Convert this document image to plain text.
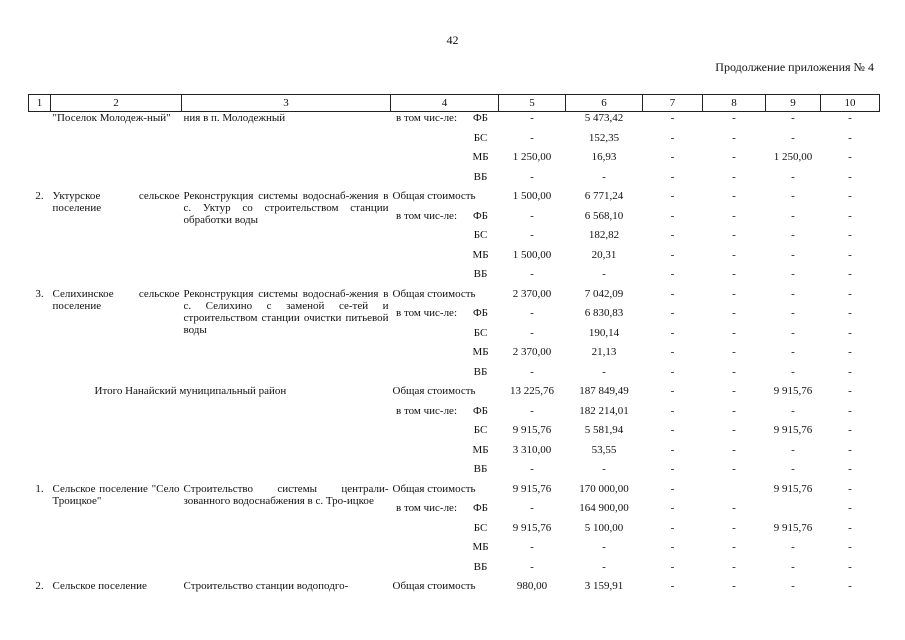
42
Продолжение приложения № 4
1	2	3	4		5	6	7	8	9	10
	"Поселок Молодеж-ный"	ния в п. Молодежный	в том чис-ле:	ФБ	-	5 473,42	-	-	-	-
				БС	-	152,35	-	-	-	-
				МБ	1 250,00	16,93	-	-	1 250,00	-
				ВБ	-	-	-	-	-	-
2.	Уктурское сельское поселение	Реконструкция системы водоснаб-жения в с. Уктур со строительством станции обработки воды	Общая стоимость		1 500,00	6 771,24	-	-	-	-
			в том чис-ле:	ФБ	-	6 568,10	-	-	-	-
				БС	-	182,82	-	-	-	-
				МБ	1 500,00	20,31	-	-	-	-
				ВБ	-	-	-	-	-	-
3.	Селихинское сельское поселение	Реконструкция системы водоснаб-жения в с. Селихино с заменой се-тей и строительством станции очистки питьевой воды	Общая стоимость		2 370,00	7 042,09	-	-	-	-
			в том чис-ле:	ФБ	-	6 830,83	-	-	-	-
				БС	-	190,14	-	-	-	-
				МБ	2 370,00	21,13	-	-	-	-
				ВБ	-	-	-	-	-	-
Итого Нанайский муниципальный район			Общая стоимость		13 225,76	187 849,49	-	-	9 915,76	-
			в том чис-ле:	ФБ	-	182 214,01	-	-	-	-
				БС	9 915,76	5 581,94	-	-	9 915,76	-
				МБ	3 310,00	53,55	-	-	-	-
				ВБ	-	-	-	-	-	-
1.	Сельское поселение "Село Троицкое"	Строительство системы централи-зованного водоснабжения в с. Тро-ицкое	Общая стоимость		9 915,76	170 000,00	-		9 915,76	-
			в том чис-ле:	ФБ	-	164 900,00	-	-		-
				БС	9 915,76	5 100,00	-	-	9 915,76	-
				МБ	-	-	-	-	-	-
				ВБ	-	-	-	-	-	-
2.	Сельское поселение	Строительство станции водоподго-	Общая стоимость		980,00	3 159,91	-	-	-	-
